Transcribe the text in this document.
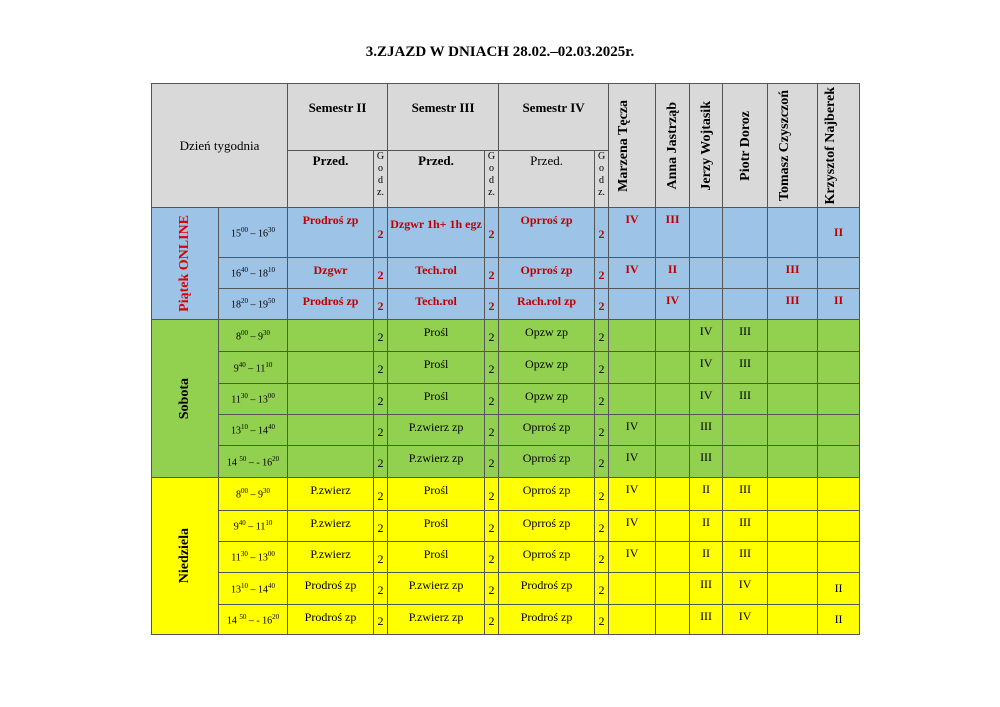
3.ZJAZD W DNIACH 28.02.–02.03.2025r.
Dzień tygodnia		Semestr II		Semestr III		Semestr IV		Marzena Tęcza	Anna Jastrząb	Jerzy Wojtasik	Piotr Doroz	Tomasz Czyszczoń	Krzysztof Najberek

		Przed.	G
o
d
z.	Przed.	G
o
d
z.	Przed.	G
o
d
z.						

Piątek ONLINE	$15^{00} - 16^{30}$	Prodroś zp	2	Dzgwr 1h+ 1h egz	2	Oprroś zp	2	IV	III				II
	$16^{40} - 18^{10}$	Dzgwr	2	Tech.rol	2	Oprroś zp	2	IV	II			III	
	$18^{20} - 19^{50}$	Prodroś zp	2	Tech.rol	2	Rach.rol zp	2		IV			III	II

Sobota	$8^{00} - 9^{30}$		2	Prośl	2	Opzw zp	2			IV	III		
	$9^{40} - 11^{10}$		2	Prośl	2	Opzw zp	2			IV	III		
	$11^{30} - 13^{00}$		2	Prośl	2	Opzw zp	2			IV	III		
	$13^{10} - 14^{40}$		2	P.zwierz zp	2	Oprroś zp	2	IV		III			
	14 $^{50}$ – - $16^{20}$		2	P.zwierz zp	2	Oprroś zp	2	IV		III			

Niedziela	$8^{00} - 9^{30}$	P.zwierz	2	Prośl	2	Oprroś zp	2	IV		II	III		
	$9^{40} - 11^{10}$	P.zwierz	2	Prośl	2	Oprroś zp	2	IV		II	III		
	$11^{30} - 13^{00}$	P.zwierz	2	Prośl	2	Oprroś zp	2	IV		II	III		
	$13^{10} - 14^{40}$	Prodroś zp	2	P.zwierz zp	2	Prodroś zp	2			III	IV		II
	14 $^{50}$ – - $16^{20}$	Prodroś zp	2	P.zwierz zp	2	Prodroś zp	2			III	IV		II
